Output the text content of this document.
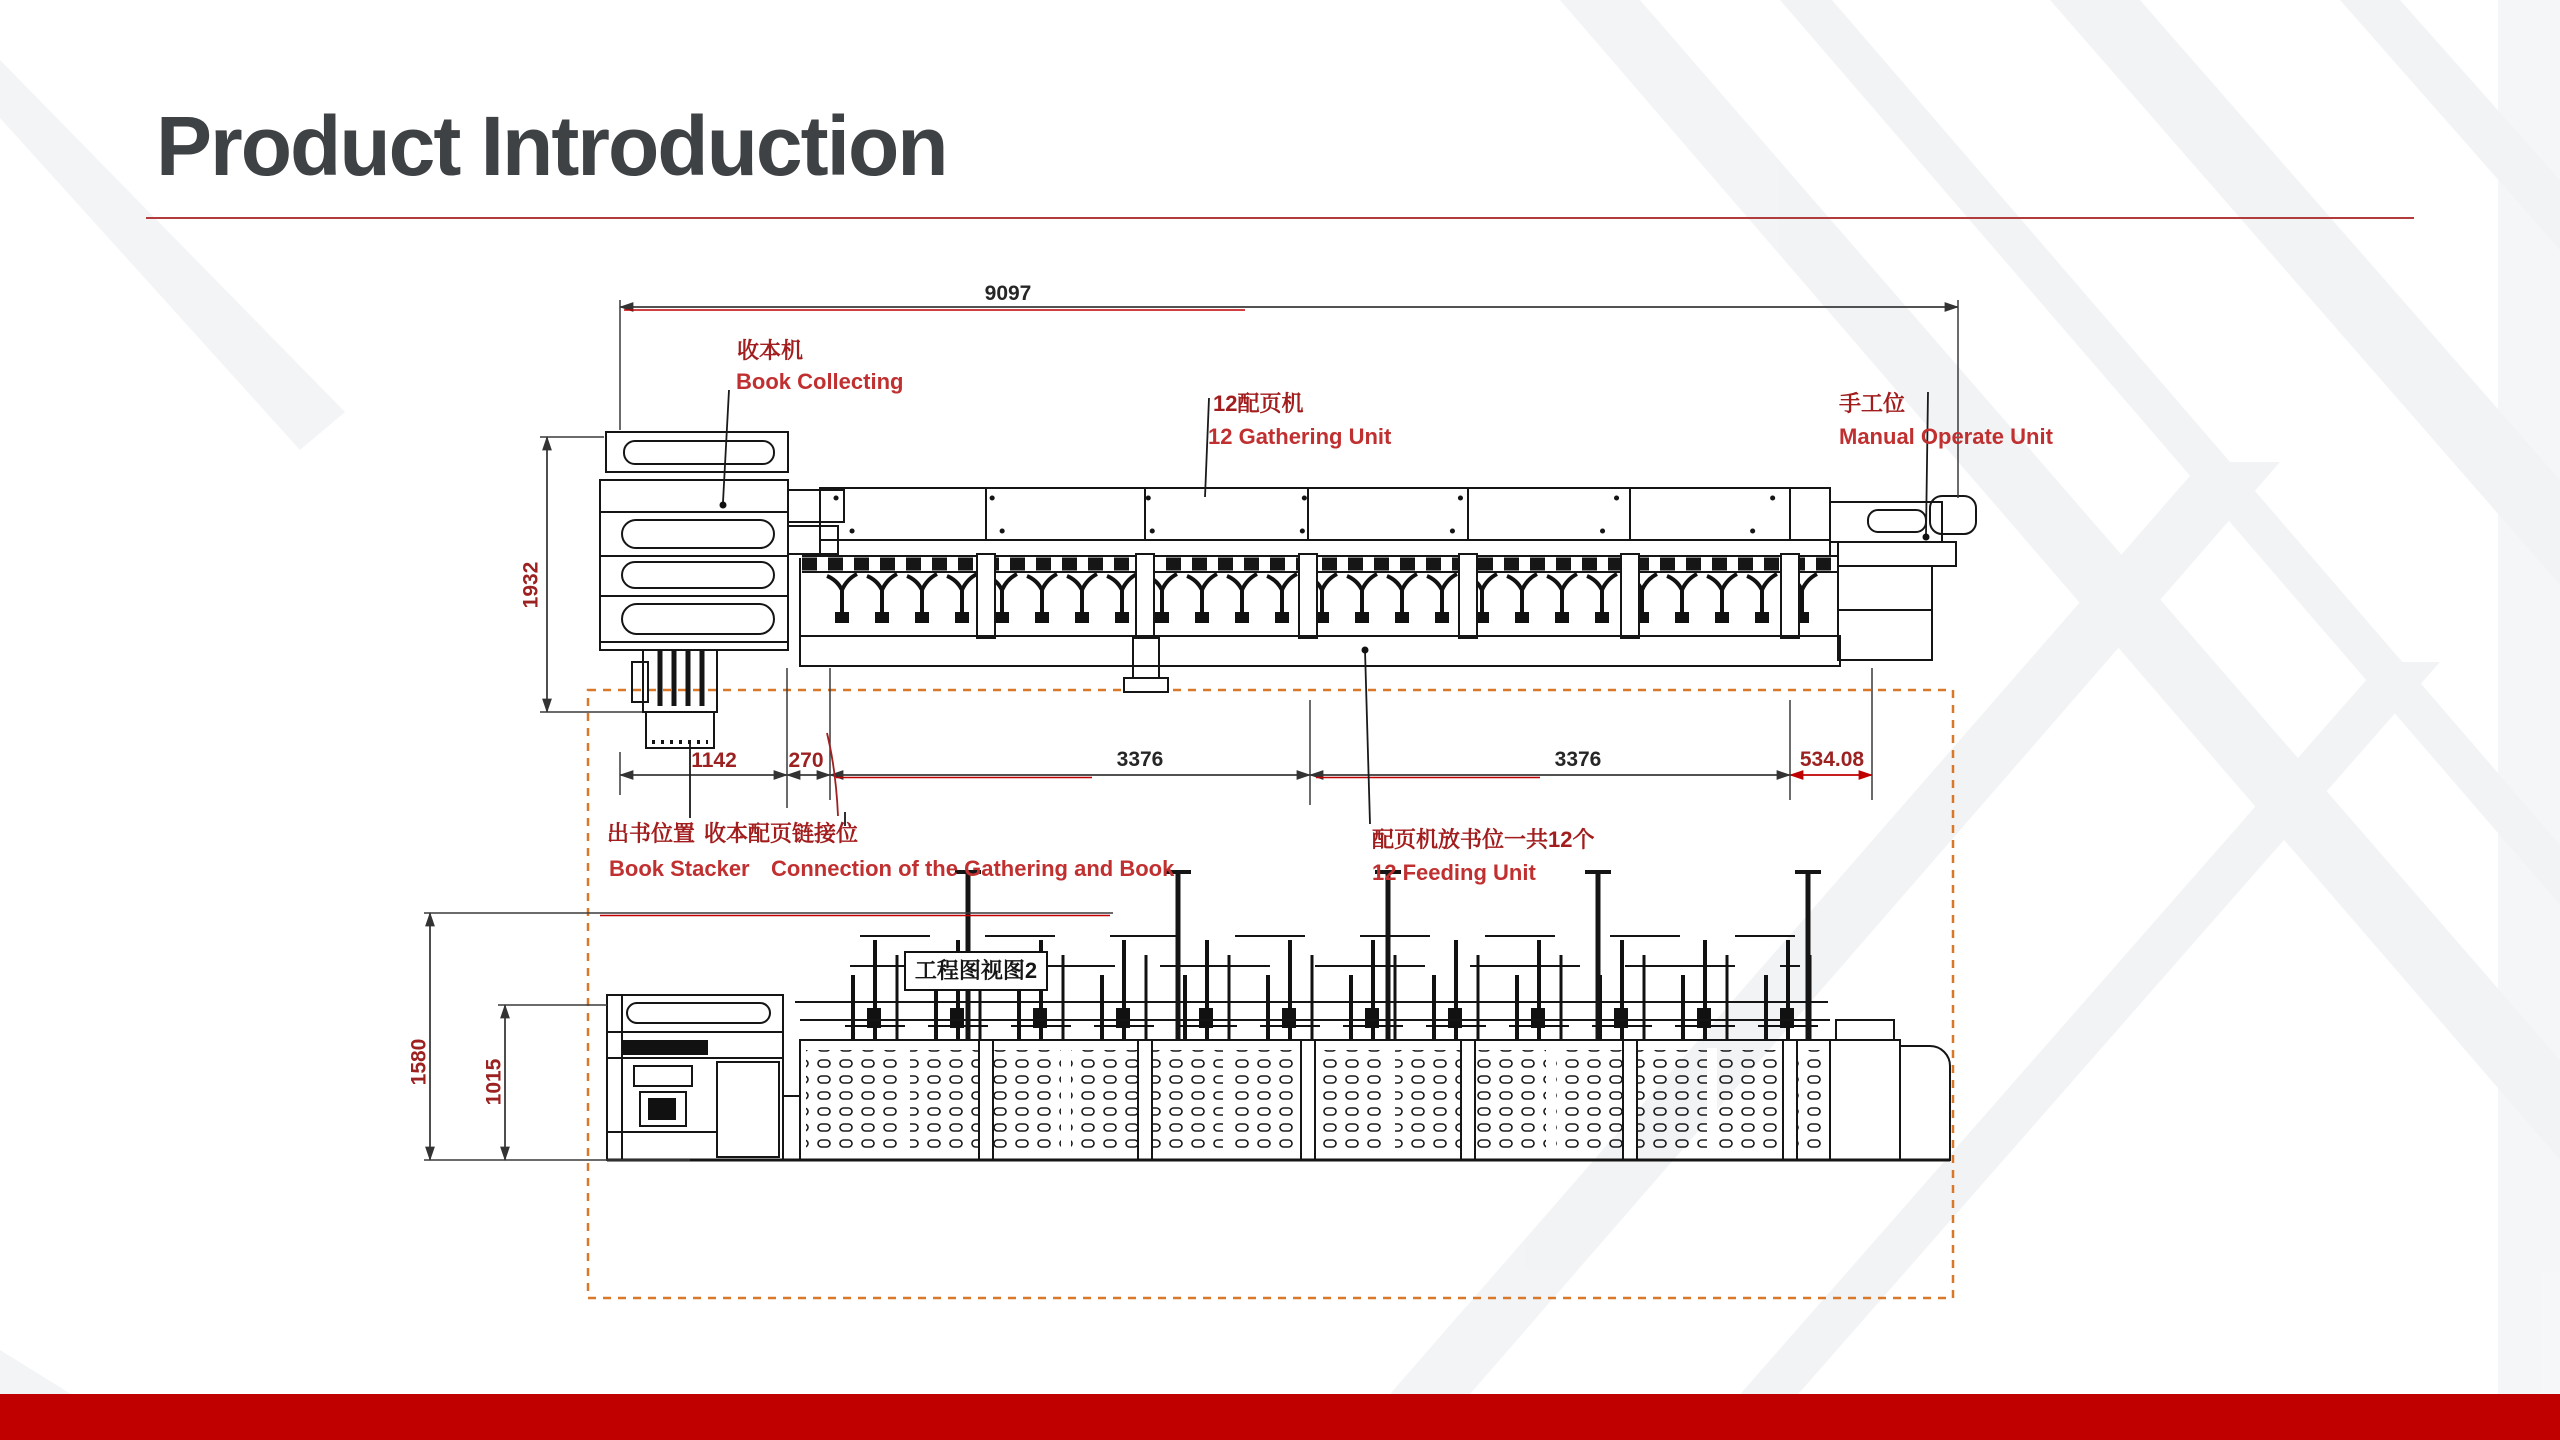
Product Introduction
9097
1932
1142 270	3376	3376	534.08
1580 1015
收本机
Book Collecting
12配页机
12 Gathering Unit
手工位
Manual Operate Unit
出书位置 收本配页链接位
Book Stacker Connection of the Gathering and Book
配页机放书位一共12个
12 Feeding Unit
工程图视图2
